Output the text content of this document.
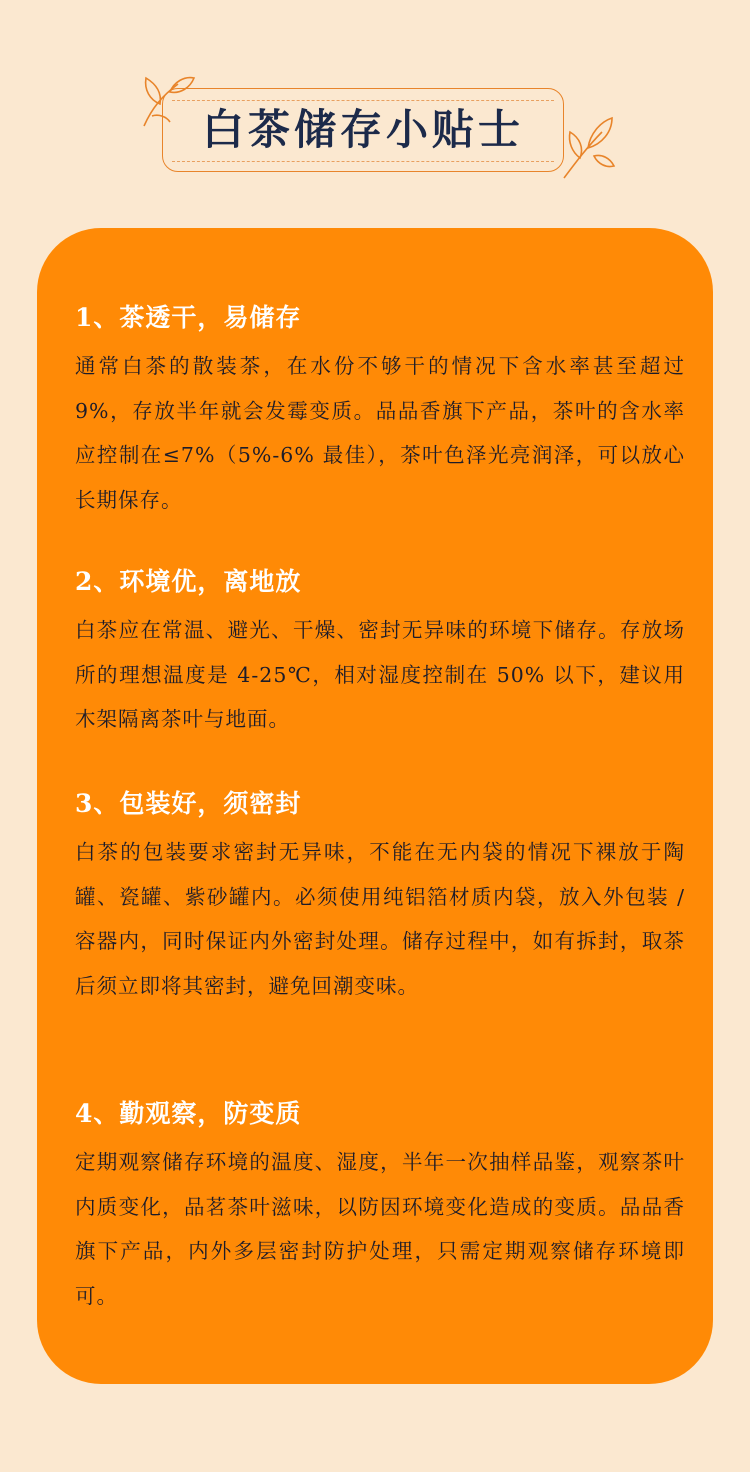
白茶储存小贴士
1、茶透干，易储存
通常白茶的散装茶，在水份不够干的情况下含水率甚至超过 9%，存放半年就会发霉变质。品品香旗下产品，茶叶的含水率应控制在≤7%（5%-6% 最佳），茶叶色泽光亮润泽，可以放心长期保存。
2、环境优，离地放
白茶应在常温、避光、干燥、密封无异味的环境下储存。存放场所的理想温度是 4-25℃，相对湿度控制在 50% 以下，建议用木架隔离茶叶与地面。
3、包装好，须密封
白茶的包装要求密封无异味，不能在无内袋的情况下裸放于陶罐、瓷罐、紫砂罐内。必须使用纯铝箔材质内袋，放入外包装 / 容器内，同时保证内外密封处理。储存过程中，如有拆封，取茶后须立即将其密封，避免回潮变味。
4、勤观察，防变质
定期观察储存环境的温度、湿度，半年一次抽样品鉴，观察茶叶内质变化，品茗茶叶滋味，以防因环境变化造成的变质。品品香旗下产品，内外多层密封防护处理，只需定期观察储存环境即可。
